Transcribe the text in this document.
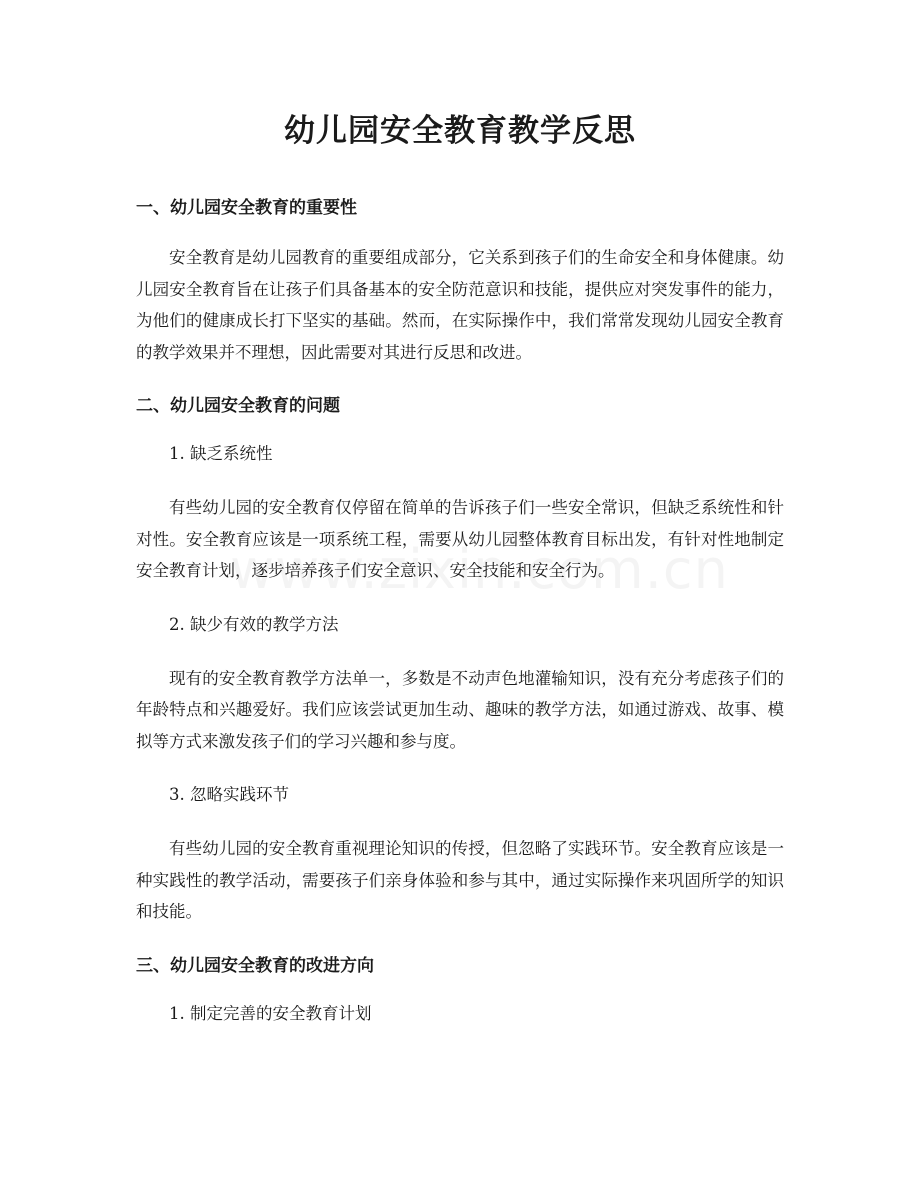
幼儿园安全教育教学反思
一、幼儿园安全教育的重要性

安全教育是幼儿园教育的重要组成部分，它关系到孩子们的生命安全和身体健康。幼儿园安全教育旨在让孩子们具备基本的安全防范意识和技能，提供应对突发事件的能力，为他们的健康成长打下坚实的基础。然而，在实际操作中，我们常常发现幼儿园安全教育的教学效果并不理想，因此需要对其进行反思和改进。

二、幼儿园安全教育的问题
1. 缺乏系统性

有些幼儿园的安全教育仅停留在简单的告诉孩子们一些安全常识，但缺乏系统性和针对性。安全教育应该是一项系统工程，需要从幼儿园整体教育目标出发，有针对性地制定安全教育计划，逐步培养孩子们安全意识、安全技能和安全行为。

2. 缺少有效的教学方法

现有的安全教育教学方法单一，多数是不动声色地灌输知识，没有充分考虑孩子们的年龄特点和兴趣爱好。我们应该尝试更加生动、趣味的教学方法，如通过游戏、故事、模拟等方式来激发孩子们的学习兴趣和参与度。

3. 忽略实践环节

有些幼儿园的安全教育重视理论知识的传授，但忽略了实践环节。安全教育应该是一种实践性的教学活动，需要孩子们亲身体验和参与其中，通过实际操作来巩固所学的知识和技能。

三、幼儿园安全教育的改进方向
1. 制定完善的安全教育计划
